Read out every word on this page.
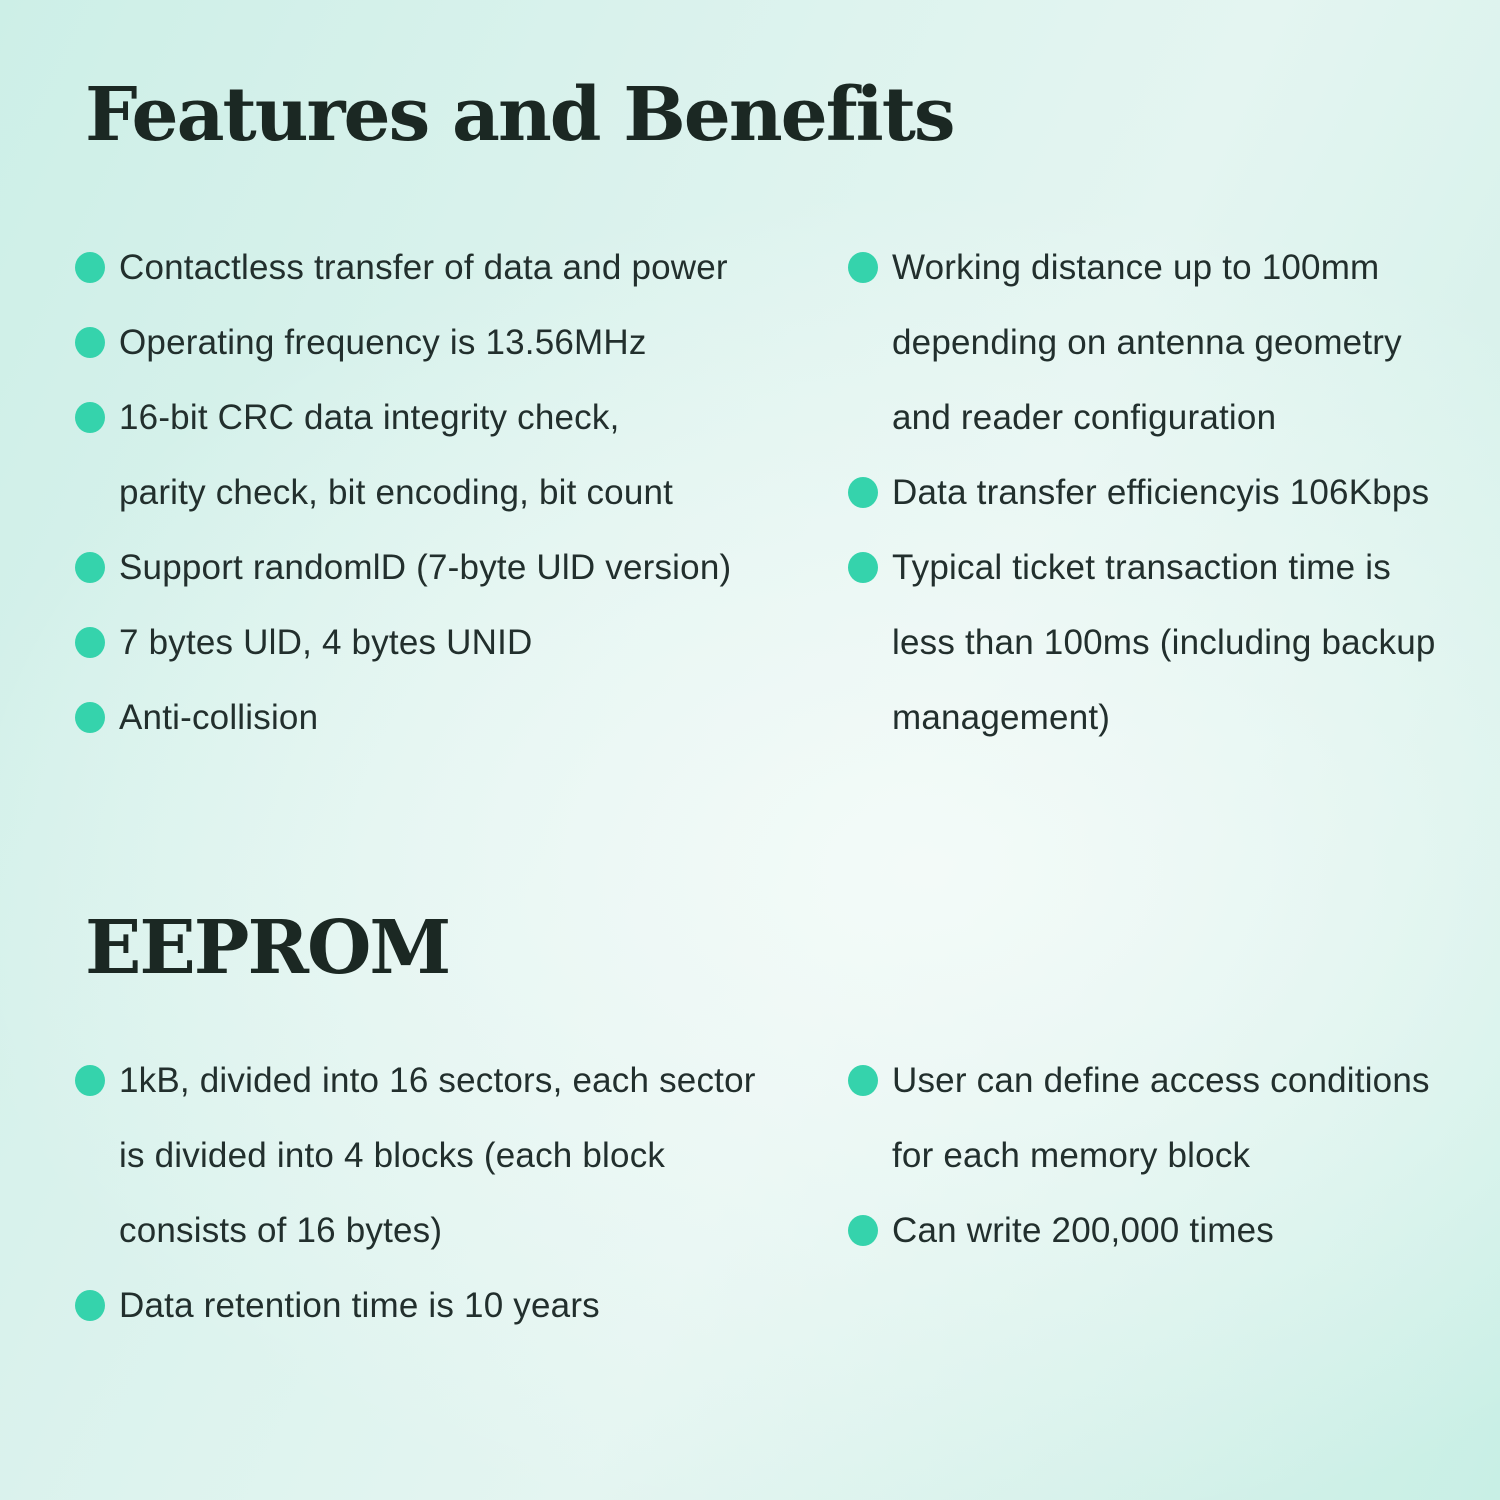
Features and Benefits
Contactless transfer of data and power
Operating frequency is 13.56MHz
16-bit CRC data integrity check,
parity check, bit encoding, bit count
Support randomlD (7-byte UlD version)
7 bytes UlD, 4 bytes UNID
Anti-collision
Working distance up to 100mm
depending on antenna geometry
and reader configuration
Data transfer efficiencyis 106Kbps
Typical ticket transaction time is
less than 100ms (including backup
management)
EEPROM
1kB, divided into 16 sectors, each sector
is divided into 4 blocks (each block
consists of 16 bytes)
Data retention time is 10 years
User can define access conditions
for each memory block
Can write 200,000 times
